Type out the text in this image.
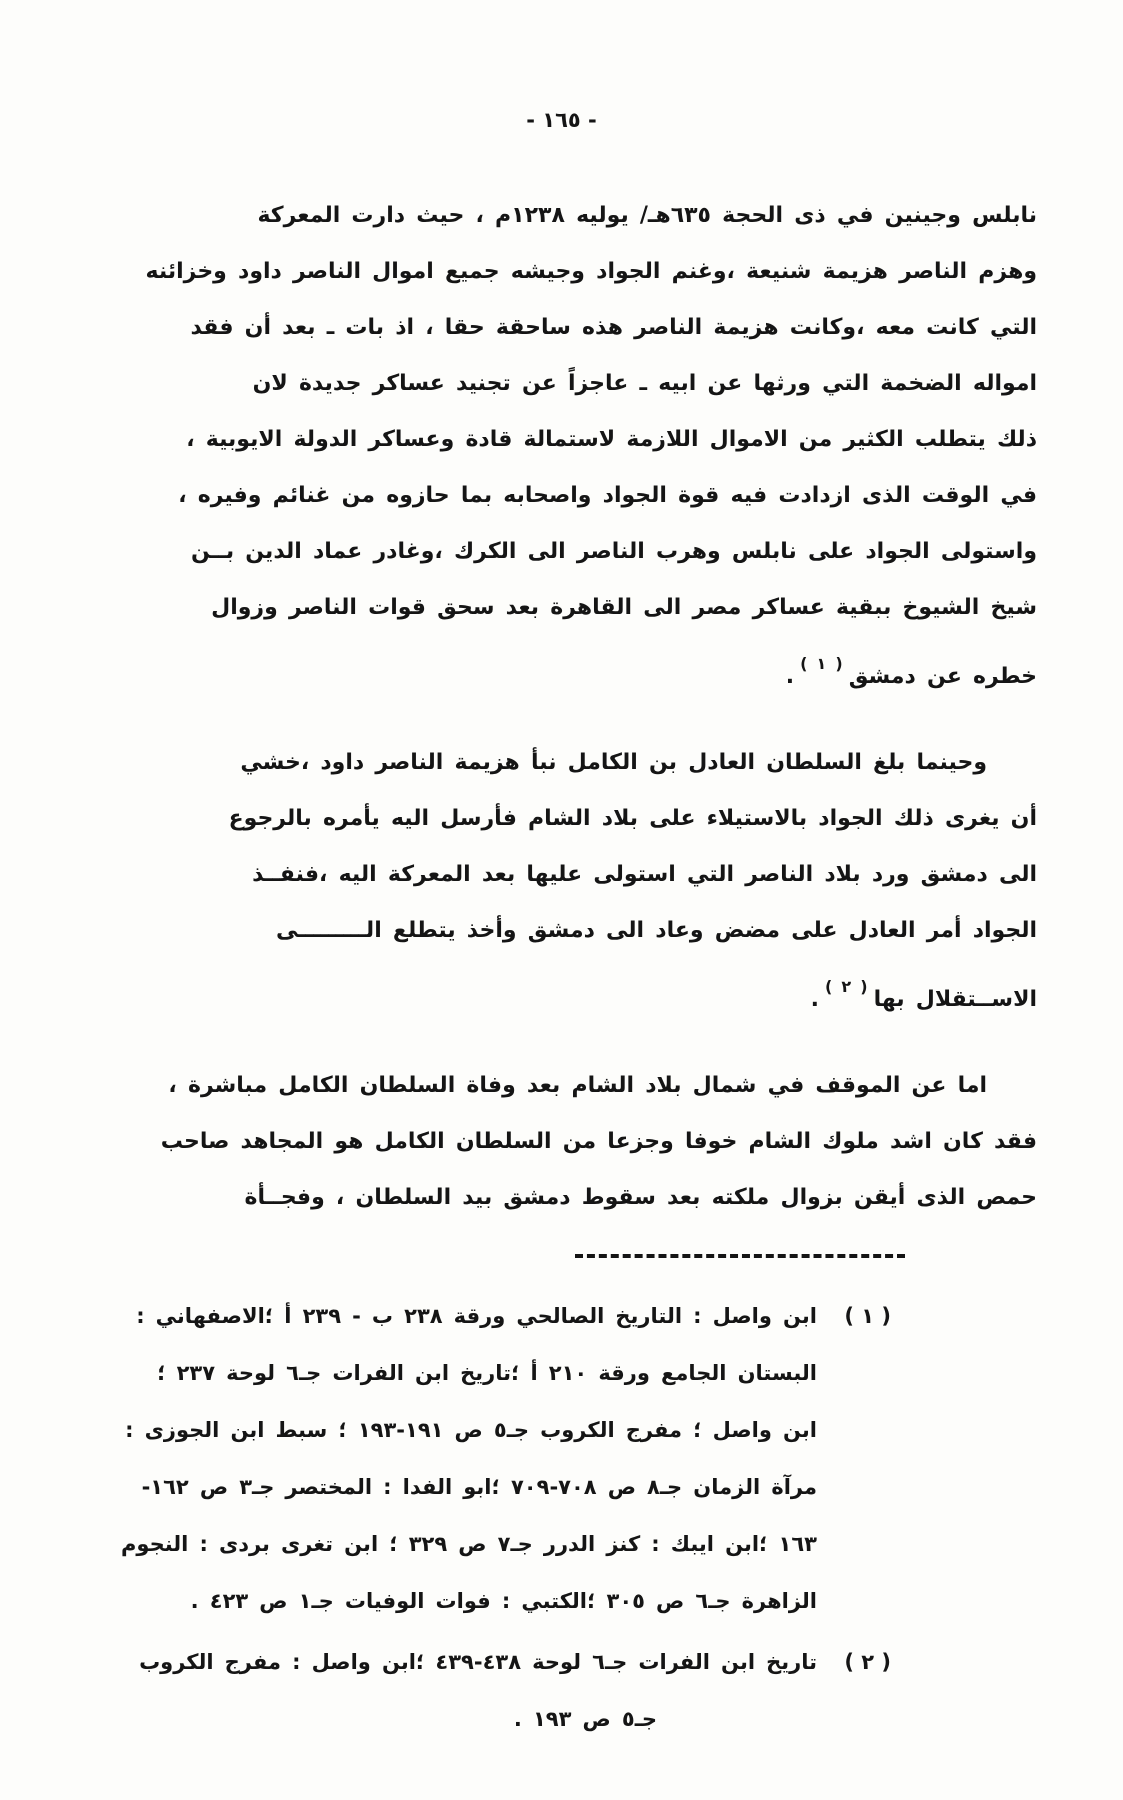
- ١٦٥ -
نابلس وجينين في ذى الحجة ٦٣٥هـ/ يوليه ١٢٣٨م ، حيث دارت المعركة
وهزم الناصر هزيمة شنيعة ،وغنم الجواد وجيشه جميع اموال الناصر داود وخزائنه
التي كانت معه ،وكانت هزيمة الناصر هذه ساحقة حقا ، اذ بات ـ بعد أن فقد
امواله الضخمة التي ورثها عن ابيه ـ عاجزاً عن تجنيد عساكر جديدة لان
ذلك يتطلب الكثير من الاموال اللازمة لاستمالة قادة وعساكر الدولة الايوبية ،
في الوقت الذى ازدادت فيه قوة الجواد واصحابه بما حازوه من غنائم وفيره ،
واستولى الجواد على نابلس وهرب الناصر الى الكرك ،وغادر عماد الدين بــن
شيخ الشيوخ ببقية عساكر مصر الى القاهرة بعد سحق قوات الناصر وزوال
خطره عن دمشق$^{( ١ )}$.
وحينما بلغ السلطان العادل بن الكامل نبأ هزيمة الناصر داود ،خشي
أن يغرى ذلك الجواد بالاستيلاء على بلاد الشام فأرسل اليه يأمره بالرجوع
الى دمشق ورد بلاد الناصر التي استولى عليها بعد المعركة اليه ،فنفــذ
الجواد أمر العادل على مضض وعاد الى دمشق وأخذ يتطلع الـــــــــى
الاســتقلال بها$^{( ٢ )}$.
اما عن الموقف في شمال بلاد الشام بعد وفاة السلطان الكامل مباشرة ،
فقد كان اشد ملوك الشام خوفا وجزعا من السلطان الكامل هو المجاهد صاحب
حمص الذى أيقن بزوال ملكته بعد سقوط دمشق بيد السلطان ، وفجــأة
( ١ )
ابن واصل : التاريخ الصالحي ورقة ٢٣٨ ب - ٢٣٩ أ ؛الاصفهاني :
البستان الجامع ورقة ٢١٠ أ ؛تاريخ ابن الفرات جـ٦ لوحة ٢٣٧ ؛
ابن واصل ؛ مفرج الكروب جـ٥ ص ١٩١-١٩٣ ؛ سبط ابن الجوزى :
مرآة الزمان جـ٨ ص ٧٠٨-٧٠٩ ؛ابو الفدا : المختصر جـ٣ ص ١٦٢-
١٦٣ ؛ابن ايبك : كنز الدرر جـ٧ ص ٣٢٩ ؛ ابن تغرى بردى : النجوم
الزاهرة جـ٦ ص ٣٠٥ ؛الكتبي : فوات الوفيات جـ١ ص ٤٢٣ .
( ٢ )
تاريخ ابن الفرات جـ٦ لوحة ٤٣٨-٤٣٩ ؛ابن واصل : مفرج الكروب
جـ٥ ص ١٩٣ .
